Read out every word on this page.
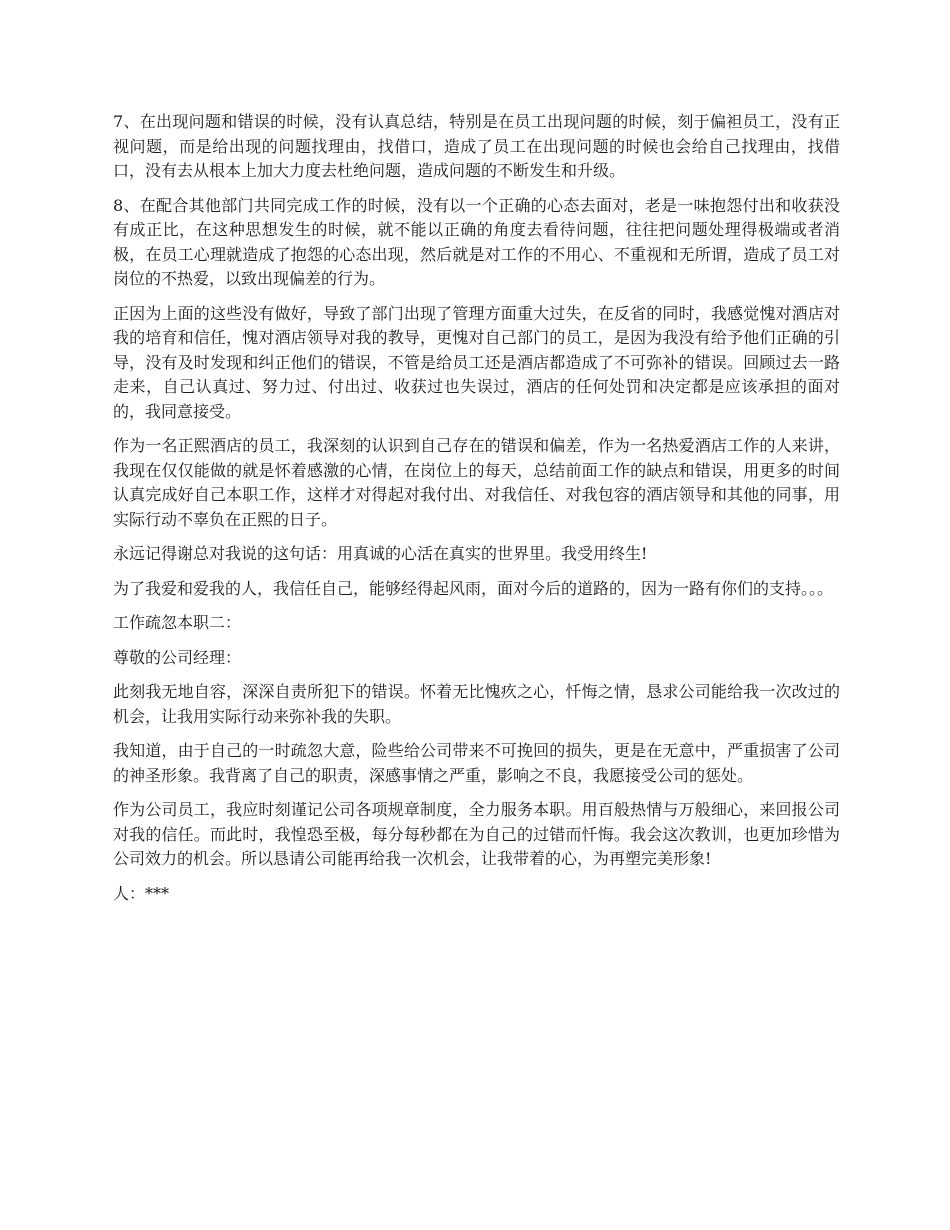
7、在出现问题和错误的时候，没有认真总结，特别是在员工出现问题的时候，刻于偏袒员工，没有正视问题，而是给出现的问题找理由，找借口，造成了员工在出现问题的时候也会给自己找理由，找借口，没有去从根本上加大力度去杜绝问题，造成问题的不断发生和升级。

8、在配合其他部门共同完成工作的时候，没有以一个正确的心态去面对，老是一味抱怨付出和收获没有成正比，在这种思想发生的时候，就不能以正确的角度去看待问题，往往把问题处理得极端或者消极，在员工心理就造成了抱怨的心态出现，然后就是对工作的不用心、不重视和无所谓，造成了员工对岗位的不热爱，以致出现偏差的行为。

正因为上面的这些没有做好，导致了部门出现了管理方面重大过失，在反省的同时，我感觉愧对酒店对我的培育和信任，愧对酒店领导对我的教导，更愧对自己部门的员工，是因为我没有给予他们正确的引导，没有及时发现和纠正他们的错误，不管是给员工还是酒店都造成了不可弥补的错误。回顾过去一路走来，自己认真过、努力过、付出过、收获过也失误过，酒店的任何处罚和决定都是应该承担的面对的，我同意接受。

作为一名正熙酒店的员工，我深刻的认识到自己存在的错误和偏差，作为一名热爱酒店工作的人来讲，我现在仅仅能做的就是怀着感激的心情，在岗位上的每天，总结前面工作的缺点和错误，用更多的时间认真完成好自己本职工作，这样才对得起对我付出、对我信任、对我包容的酒店领导和其他的同事，用实际行动不辜负在正熙的日子。

永远记得谢总对我说的这句话：用真诚的心活在真实的世界里。我受用终生!

为了我爱和爱我的人，我信任自己，能够经得起风雨，面对今后的道路的，因为一路有你们的支持。。。

工作疏忽本职二：

尊敬的公司经理：

此刻我无地自容，深深自责所犯下的错误。怀着无比愧疚之心，忏悔之情，恳求公司能给我一次改过的机会，让我用实际行动来弥补我的失职。

我知道，由于自己的一时疏忽大意，险些给公司带来不可挽回的损失，更是在无意中，严重损害了公司的神圣形象。我背离了自己的职责，深感事情之严重，影响之不良，我愿接受公司的惩处。

作为公司员工，我应时刻谨记公司各项规章制度，全力服务本职。用百般热情与万般细心，来回报公司对我的信任。而此时，我惶恐至极，每分每秒都在为自己的过错而忏悔。我会这次教训，也更加珍惜为公司效力的机会。所以恳请公司能再给我一次机会，让我带着的心，为再塑完美形象!

人：***
